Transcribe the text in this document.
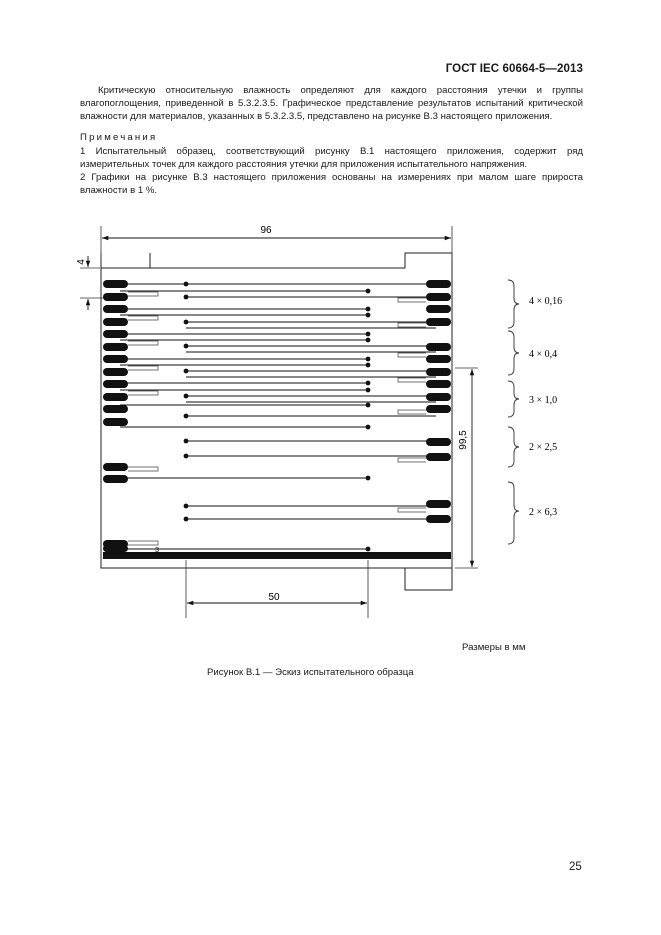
ГОСТ IEC 60664-5—2013
Критическую относительную влажность определяют для каждого расстояния утечки и группы влагопоглощения, приведенной в 5.3.2.3.5. Графическое представление результатов испытаний критической влажности для материалов, указанных в 5.3.2.3.5, представлено на рисунке В.3 настоящего приложения.
Примечания
1 Испытательный образец, соответствующий рисунку В.1 настоящего приложения, содержит ряд измерительных точек для каждого расстояния утечки для приложения испытательного напряжения.
2 Графики на рисунке В.3 настоящего приложения основаны на измерениях при малом шаге прироста влажности в 1 %.
96
4
99,5
50
3
4 × 0,16
4 × 0,4
3 × 1,0
2 × 2,5
2 × 6,3
Размеры в мм
Рисунок В.1 — Эскиз испытательного образца
25
